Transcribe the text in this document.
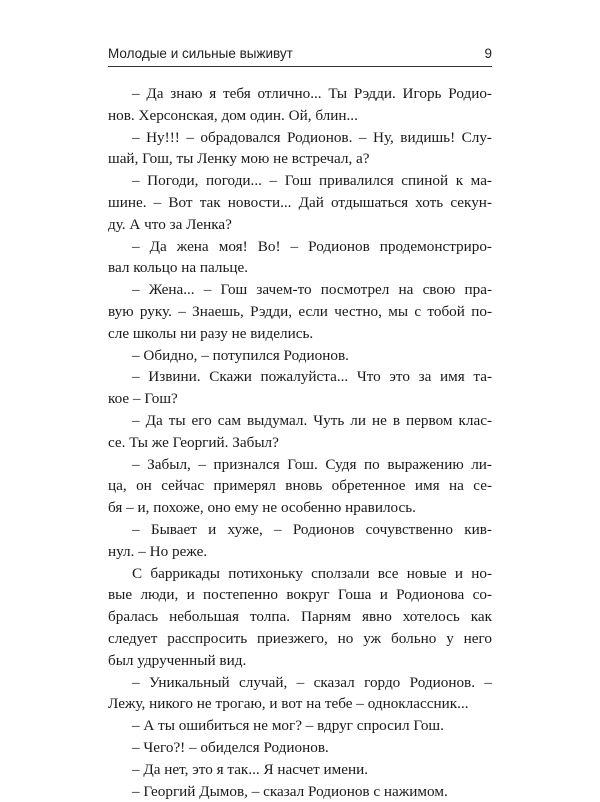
Молодые и сильные выживут	9
– Да знаю я тебя отлично... Ты Рэдди. Игорь Родио-
нов. Херсонская, дом один. Ой, блин...
– Ну!!! – обрадовался Родионов. – Ну, видишь! Слу-
шай, Гош, ты Ленку мою не встречал, а?
– Погоди, погоди... – Гош привалился спиной к ма-
шине. – Вот так новости... Дай отдышаться хоть секун-
ду. А что за Ленка?
– Да жена моя! Во! – Родионов продемонстриро-
вал кольцо на пальце.
– Жена... – Гош зачем-то посмотрел на свою пра-
вую руку. – Знаешь, Рэдди, если честно, мы с тобой по-
сле школы ни разу не виделись.
– Обидно, – потупился Родионов.
– Извини. Скажи пожалуйста... Что это за имя та-
кое – Гош?
– Да ты его сам выдумал. Чуть ли не в первом клас-
се. Ты же Георгий. Забыл?
– Забыл, – признался Гош. Судя по выражению ли-
ца, он сейчас примерял вновь обретенное имя на се-
бя – и, похоже, оно ему не особенно нравилось.
– Бывает и хуже, – Родионов сочувственно кив-
нул. – Но реже.
С баррикады потихоньку сползали все новые и но-
вые люди, и постепенно вокруг Гоша и Родионова со-
бралась небольшая толпа. Парням явно хотелось как
следует расспросить приезжего, но уж больно у него
был удрученный вид.
– Уникальный случай, – сказал гордо Родионов. –
Лежу, никого не трогаю, и вот на тебе – одноклассник...
– А ты ошибиться не мог? – вдруг спросил Гош.
– Чего?! – обиделся Родионов.
– Да нет, это я так... Я насчет имени.
– Георгий Дымов, – сказал Родионов с нажимом.
